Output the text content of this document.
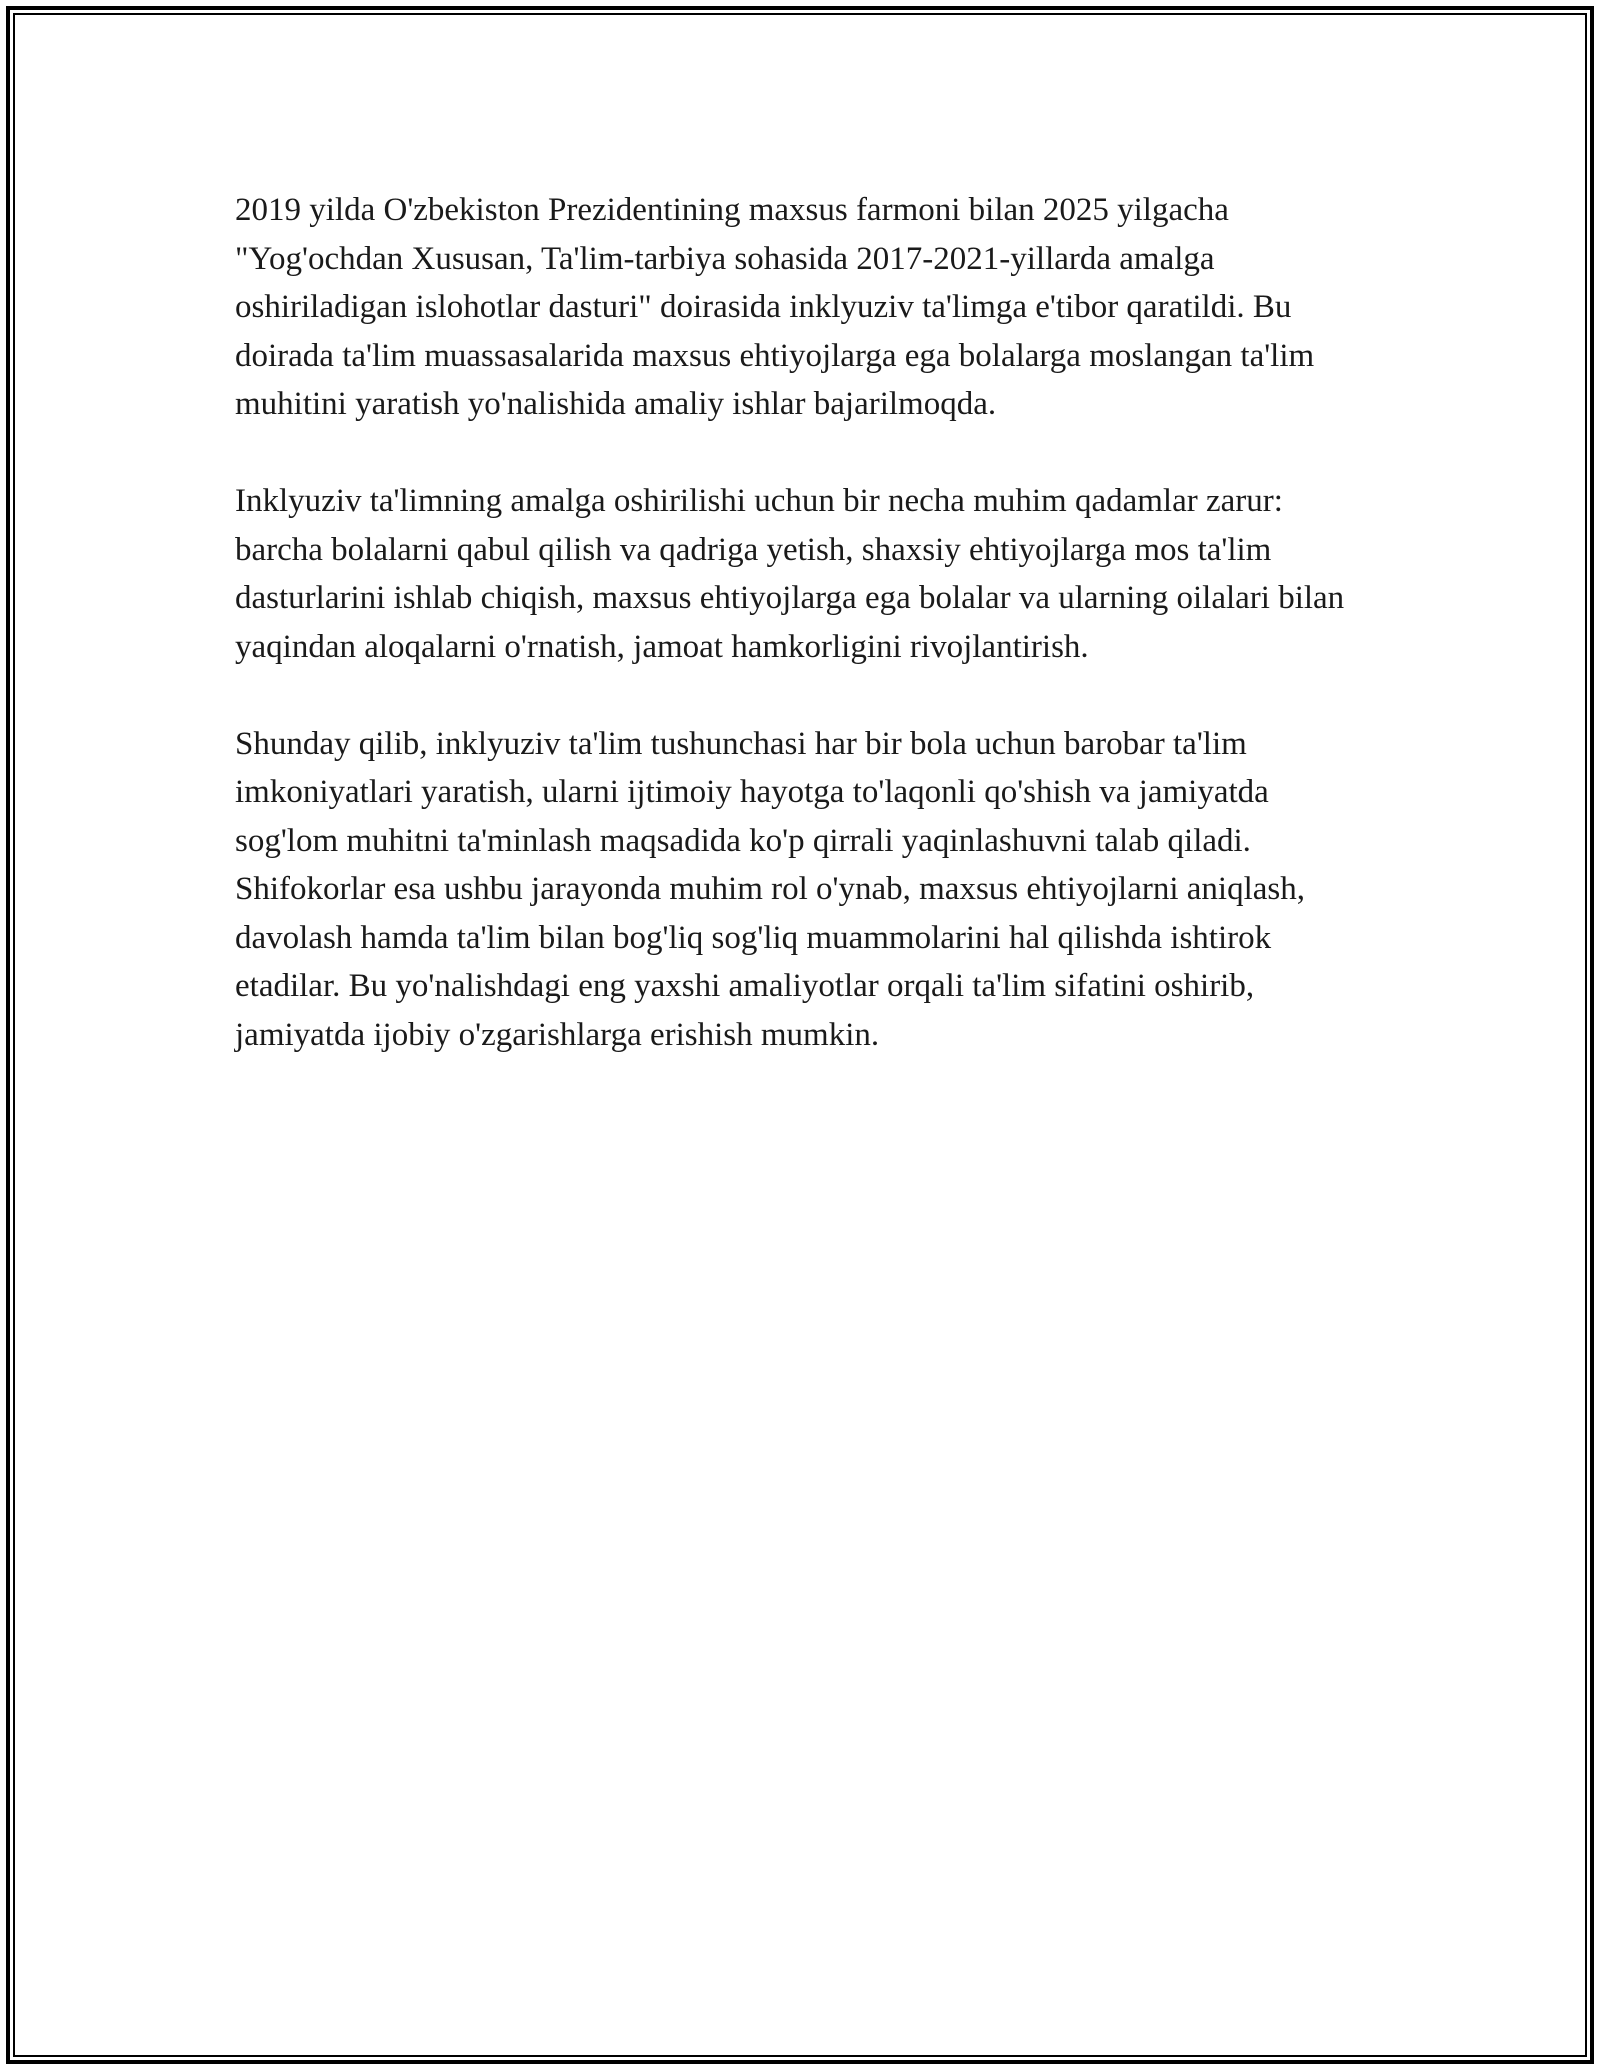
2019 yilda O'zbekiston Prezidentining maxsus farmoni bilan 2025 yilgacha "Yog'ochdan Xususan, Ta'lim-tarbiya sohasida 2017-2021-yillarda amalga oshiriladigan islohotlar dasturi" doirasida inklyuziv ta'limga e'tibor qaratildi. Bu doirada ta'lim muassasalarida maxsus ehtiyojlarga ega bolalarga moslangan ta'lim muhitini yaratish yo'nalishida amaliy ishlar bajarilmoqda.

Inklyuziv ta'limning amalga oshirilishi uchun bir necha muhim qadamlar zarur: barcha bolalarni qabul qilish va qadriga yetish, shaxsiy ehtiyojlarga mos ta'lim dasturlarini ishlab chiqish, maxsus ehtiyojlarga ega bolalar va ularning oilalari bilan yaqindan aloqalarni o'rnatish, jamoat hamkorligini rivojlantirish.

Shunday qilib, inklyuziv ta'lim tushunchasi har bir bola uchun barobar ta'lim imkoniyatlari yaratish, ularni ijtimoiy hayotga to'laqonli qo'shish va jamiyatda sog'lom muhitni ta'minlash maqsadida ko'p qirrali yaqinlashuvni talab qiladi. Shifokorlar esa ushbu jarayonda muhim rol o'ynab, maxsus ehtiyojlarni aniqlash, davolash hamda ta'lim bilan bog'liq sog'liq muammolarini hal qilishda ishtirok etadilar. Bu yo'nalishdagi eng yaxshi amaliyotlar orqali ta'lim sifatini oshirib, jamiyatda ijobiy o'zgarishlarga erishish mumkin.
